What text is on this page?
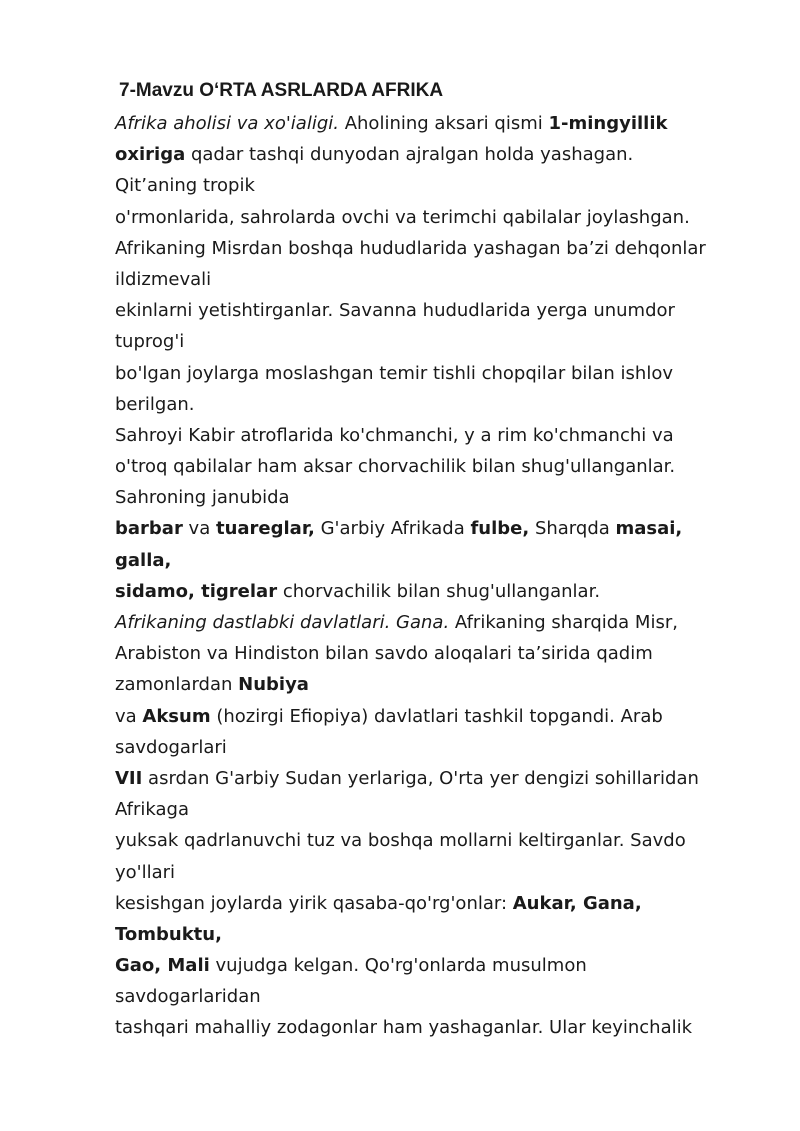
7-Mavzu O‘RTA ASRLARDA AFRIKA
Afrika aholisi va xo'ialigi. Aholining aksari qismi 1-mingyillik
oxiriga qadar tashqi dunyodan ajralgan holda yashagan.
Qit’aning tropik
o'rmonlarida, sahrolarda ovchi va terimchi qabilalar joylashgan.
Afrikaning Misrdan boshqa hududlarida yashagan ba’zi dehqonlar
ildizmevali
ekinlarni yetishtirganlar. Savanna hududlarida yerga unumdor
tuprog'i
bo'lgan joylarga moslashgan temir tishli chopqilar bilan ishlov
berilgan.
Sahroyi Kabir atroflarida ko'chmanchi, y a rim ko'chmanchi va
o'troq qabilalar ham aksar chorvachilik bilan shug'ullanganlar.
Sahroning janubida
barbar va tuareglar, G'arbiy Afrikada fulbe, Sharqda masai,
galla,
sidamo, tigrelar chorvachilik bilan shug'ullanganlar.
Afrikaning dastlabki davlatlari. Gana. Afrikaning sharqida Misr,
Arabiston va Hindiston bilan savdo aloqalari ta’sirida qadim
zamonlardan Nubiya
va Aksum (hozirgi Efiopiya) davlatlari tashkil topgandi. Arab
savdogarlari
VII asrdan G'arbiy Sudan yerlariga, O'rta yer dengizi sohillaridan
Afrikaga
yuksak qadrlanuvchi tuz va boshqa mollarni keltirganlar. Savdo
yo'llari
kesishgan joylarda yirik qasaba-qo'rg'onlar: Aukar, Gana,
Tombuktu,
Gao, Mali vujudga kelgan. Qo'rg'onlarda musulmon
savdogarlaridan
tashqari mahalliy zodagonlar ham yashaganlar. Ular keyinchalik
